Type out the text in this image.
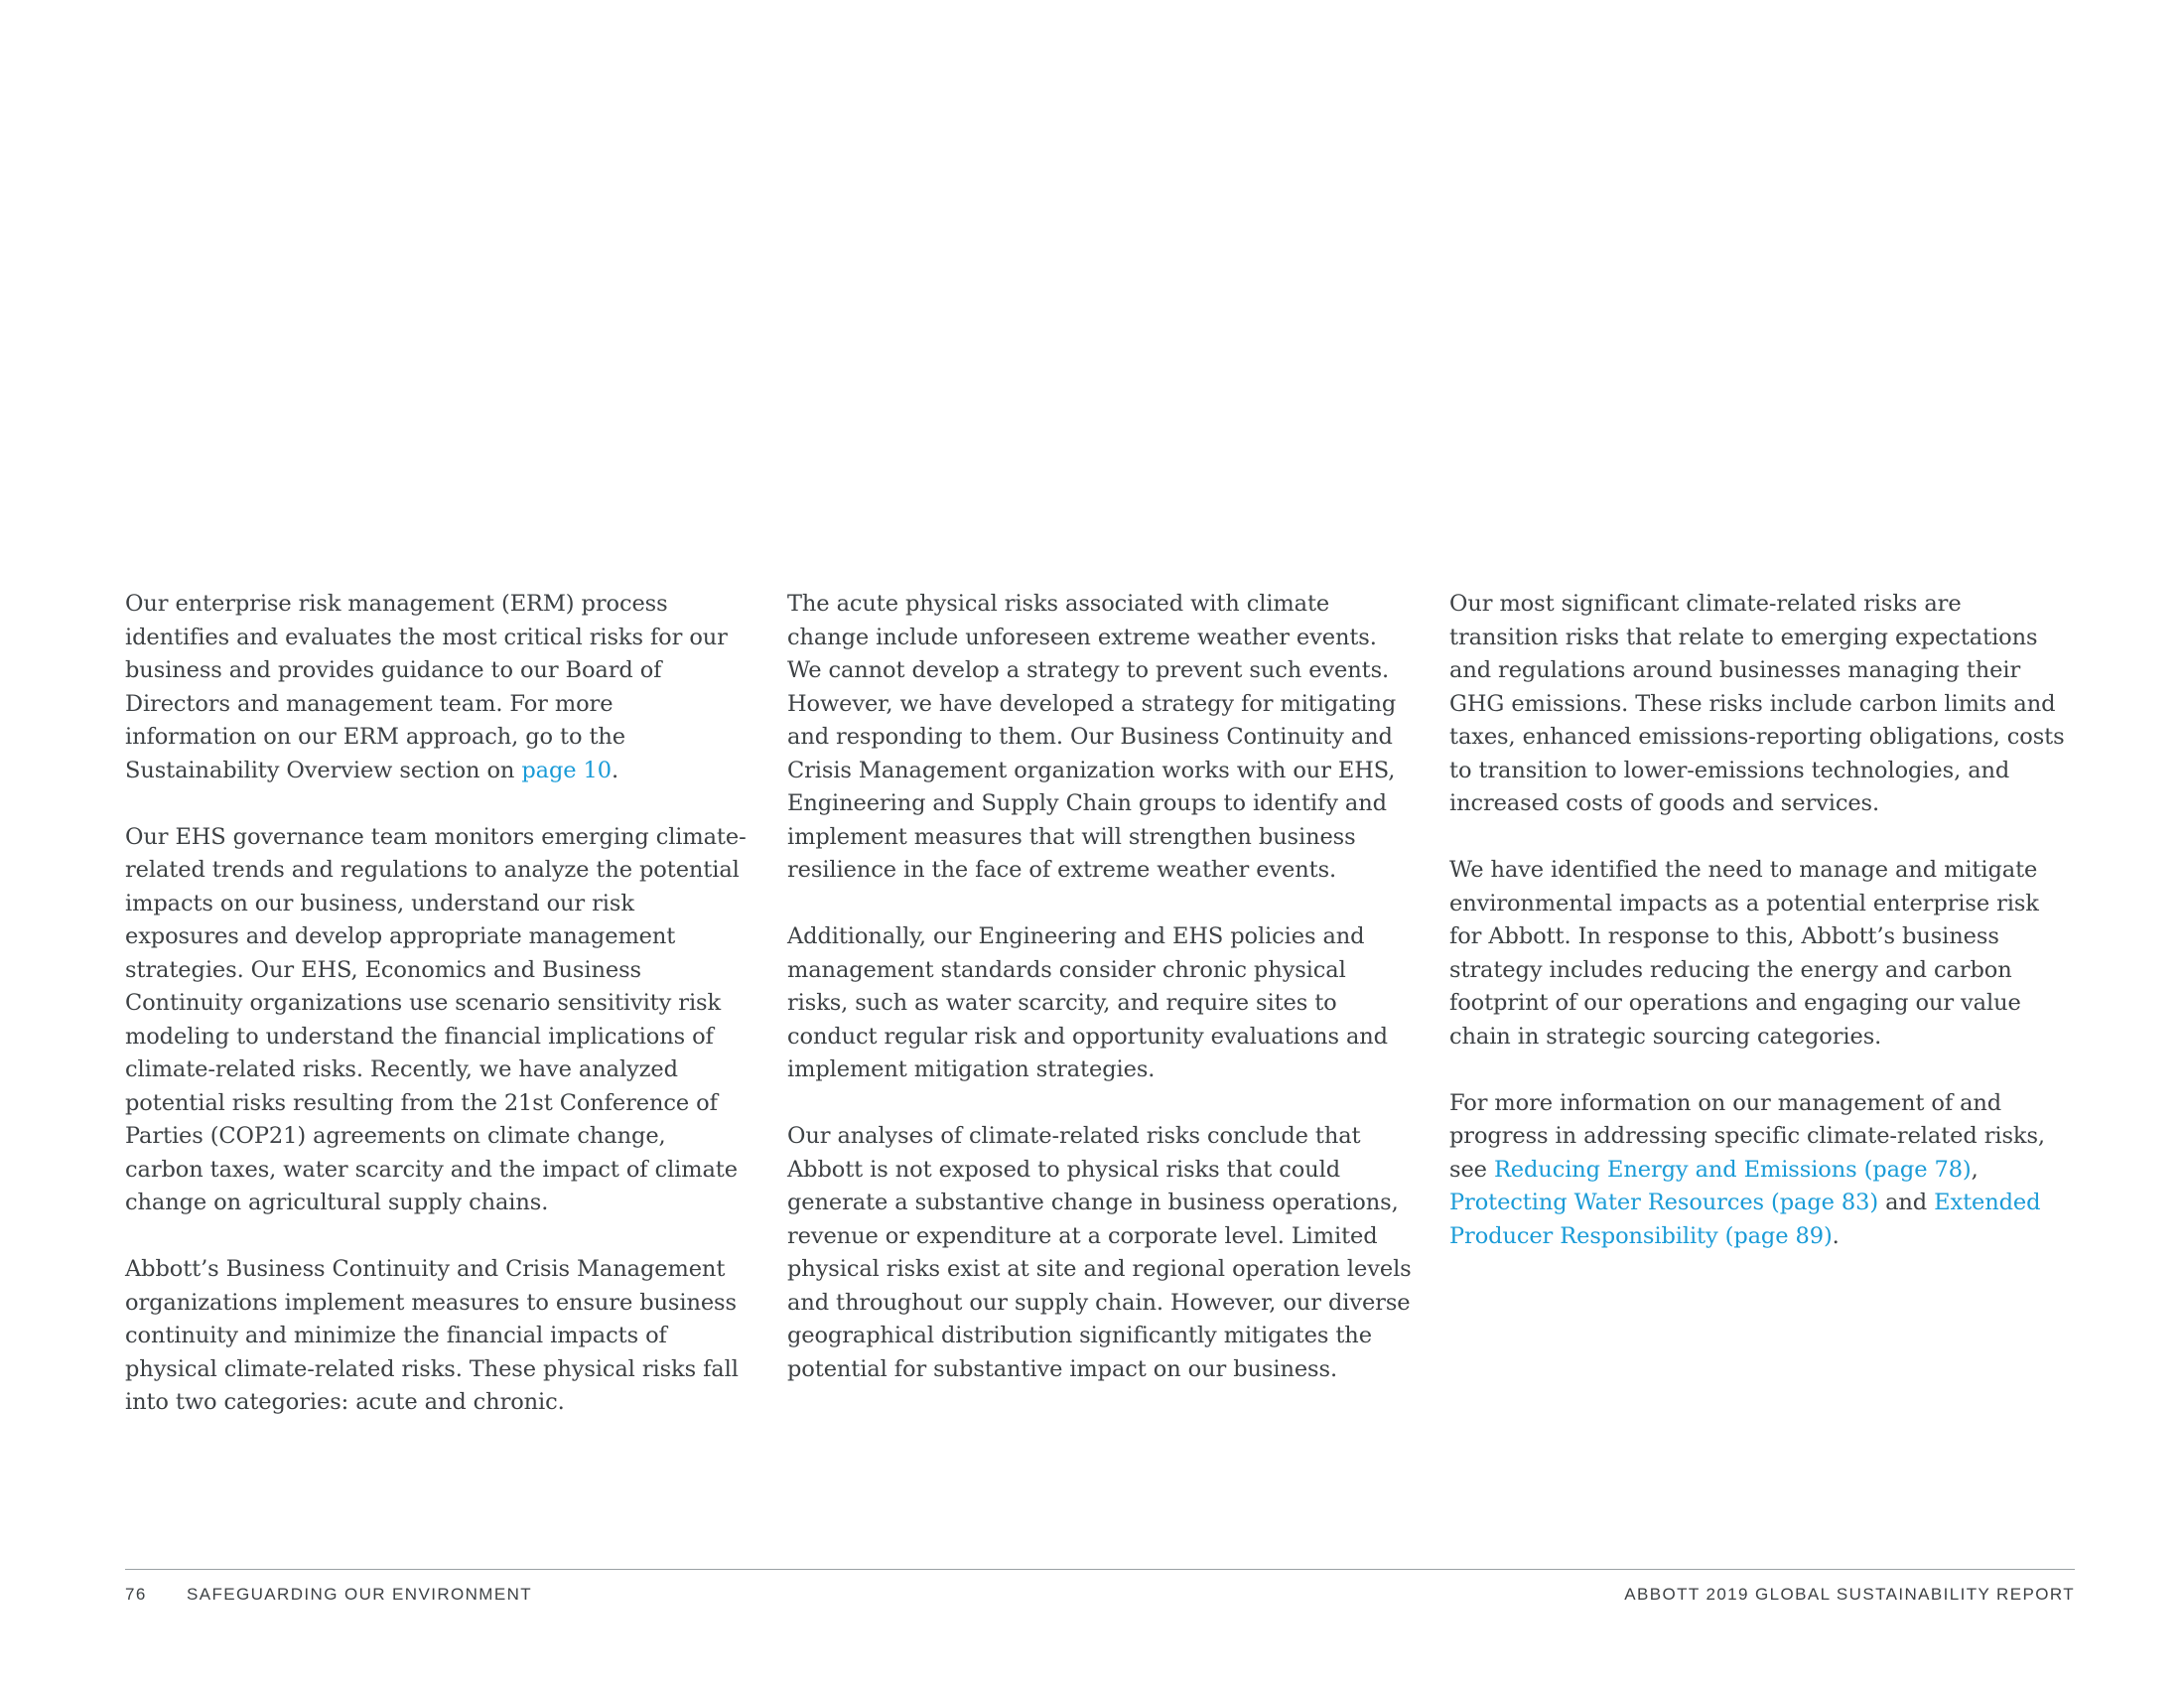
Our enterprise risk management (ERM) process identifies and evaluates the most critical risks for our business and provides guidance to our Board of Directors and management team. For more information on our ERM approach, go to the Sustainability Overview section on page 10.

Our EHS governance team monitors emerging climate-related trends and regulations to analyze the potential impacts on our business, understand our risk exposures and develop appropriate management strategies. Our EHS, Economics and Business Continuity organizations use scenario sensitivity risk modeling to understand the financial implications of climate-related risks. Recently, we have analyzed potential risks resulting from the 21st Conference of Parties (COP21) agreements on climate change, carbon taxes, water scarcity and the impact of climate change on agricultural supply chains.

Abbott’s Business Continuity and Crisis Management organizations implement measures to ensure business continuity and minimize the financial impacts of physical climate-related risks. These physical risks fall into two categories: acute and chronic.

The acute physical risks associated with climate change include unforeseen extreme weather events. We cannot develop a strategy to prevent such events. However, we have developed a strategy for mitigating and responding to them. Our Business Continuity and Crisis Management organization works with our EHS, Engineering and Supply Chain groups to identify and implement measures that will strengthen business resilience in the face of extreme weather events.

Additionally, our Engineering and EHS policies and management standards consider chronic physical risks, such as water scarcity, and require sites to conduct regular risk and opportunity evaluations and implement mitigation strategies.

Our analyses of climate-related risks conclude that Abbott is not exposed to physical risks that could generate a substantive change in business operations, revenue or expenditure at a corporate level. Limited physical risks exist at site and regional operation levels and throughout our supply chain. However, our diverse geographical distribution significantly mitigates the potential for substantive impact on our business.

Our most significant climate-related risks are transition risks that relate to emerging expectations and regulations around businesses managing their GHG emissions. These risks include carbon limits and taxes, enhanced emissions-reporting obligations, costs to transition to lower-emissions technologies, and increased costs of goods and services.

We have identified the need to manage and mitigate environmental impacts as a potential enterprise risk for Abbott. In response to this, Abbott’s business strategy includes reducing the energy and carbon footprint of our operations and engaging our value chain in strategic sourcing categories.

For more information on our management of and progress in addressing specific climate-related risks, see Reducing Energy and Emissions (page 78), Protecting Water Resources (page 83) and Extended Producer Responsibility (page 89).

76 SAFEGUARDING OUR ENVIRONMENT	ABBOTT 2019 GLOBAL SUSTAINABILITY REPORT
